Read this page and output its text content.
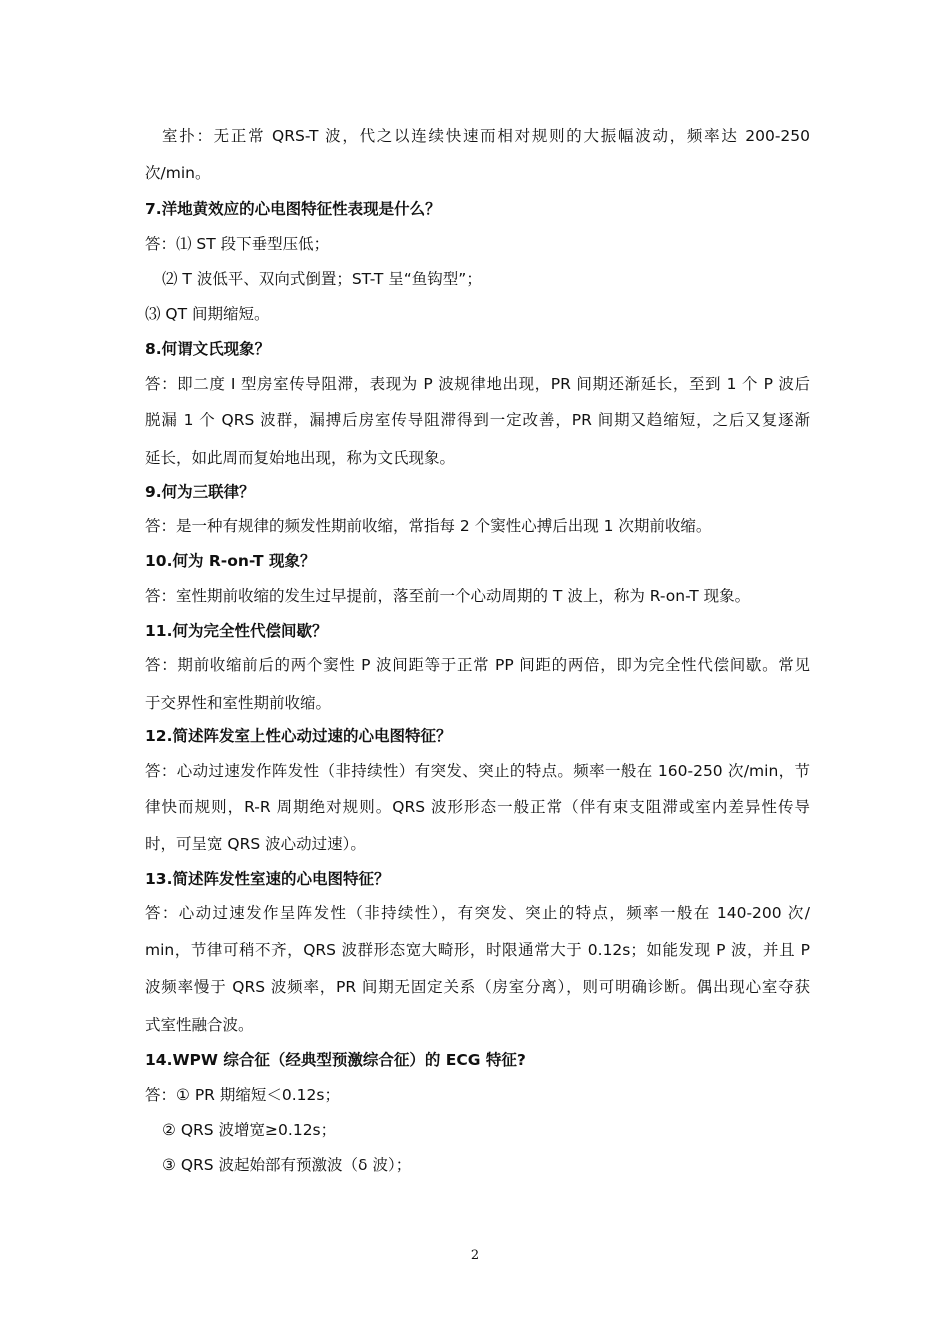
室扑：无正常 QRS-T 波，代之以连续快速而相对规则的大振幅波动，频率达 200-250
次/min。
7.洋地黄效应的心电图特征性表现是什么？
答：⑴ ST 段下垂型压低；
⑵ T 波低平、双向式倒置；ST-T 呈“鱼钩型”；
⑶ QT 间期缩短。
8.何谓文氏现象？
答：即二度 I 型房室传导阻滞，表现为 P 波规律地出现，PR 间期还渐延长，至到 1 个 P 波后
脱漏 1 个 QRS 波群，漏搏后房室传导阻滞得到一定改善，PR 间期又趋缩短，之后又复逐渐
延长，如此周而复始地出现，称为文氏现象。
9.何为三联律？
答：是一种有规律的频发性期前收缩，常指每 2 个窦性心搏后出现 1 次期前收缩。
10.何为 R-on-T 现象？
答：室性期前收缩的发生过早提前，落至前一个心动周期的 T 波上，称为 R-on-T 现象。
11.何为完全性代偿间歇？
答：期前收缩前后的两个窦性 P 波间距等于正常 PP 间距的两倍，即为完全性代偿间歇。常见
于交界性和室性期前收缩。
12.简述阵发室上性心动过速的心电图特征？
答：心动过速发作阵发性（非持续性）有突发、突止的特点。频率一般在 160-250 次/min，节
律快而规则，R-R 周期绝对规则。QRS 波形形态一般正常（伴有束支阻滞或室内差异性传导
时，可呈宽 QRS 波心动过速）。
13.简述阵发性室速的心电图特征？
答：心动过速发作呈阵发性（非持续性），有突发、突止的特点，频率一般在 140-200 次/
min，节律可稍不齐，QRS 波群形态宽大畸形，时限通常大于 0.12s；如能发现 P 波，并且 P
波频率慢于 QRS 波频率，PR 间期无固定关系（房室分离），则可明确诊断。偶出现心室夺获
式室性融合波。
14.WPW 综合征（经典型预激综合征）的 ECG 特征?
答：① PR 期缩短＜0.12s；
② QRS 波增宽≥0.12s；
③ QRS 波起始部有预激波（δ 波）；
2
